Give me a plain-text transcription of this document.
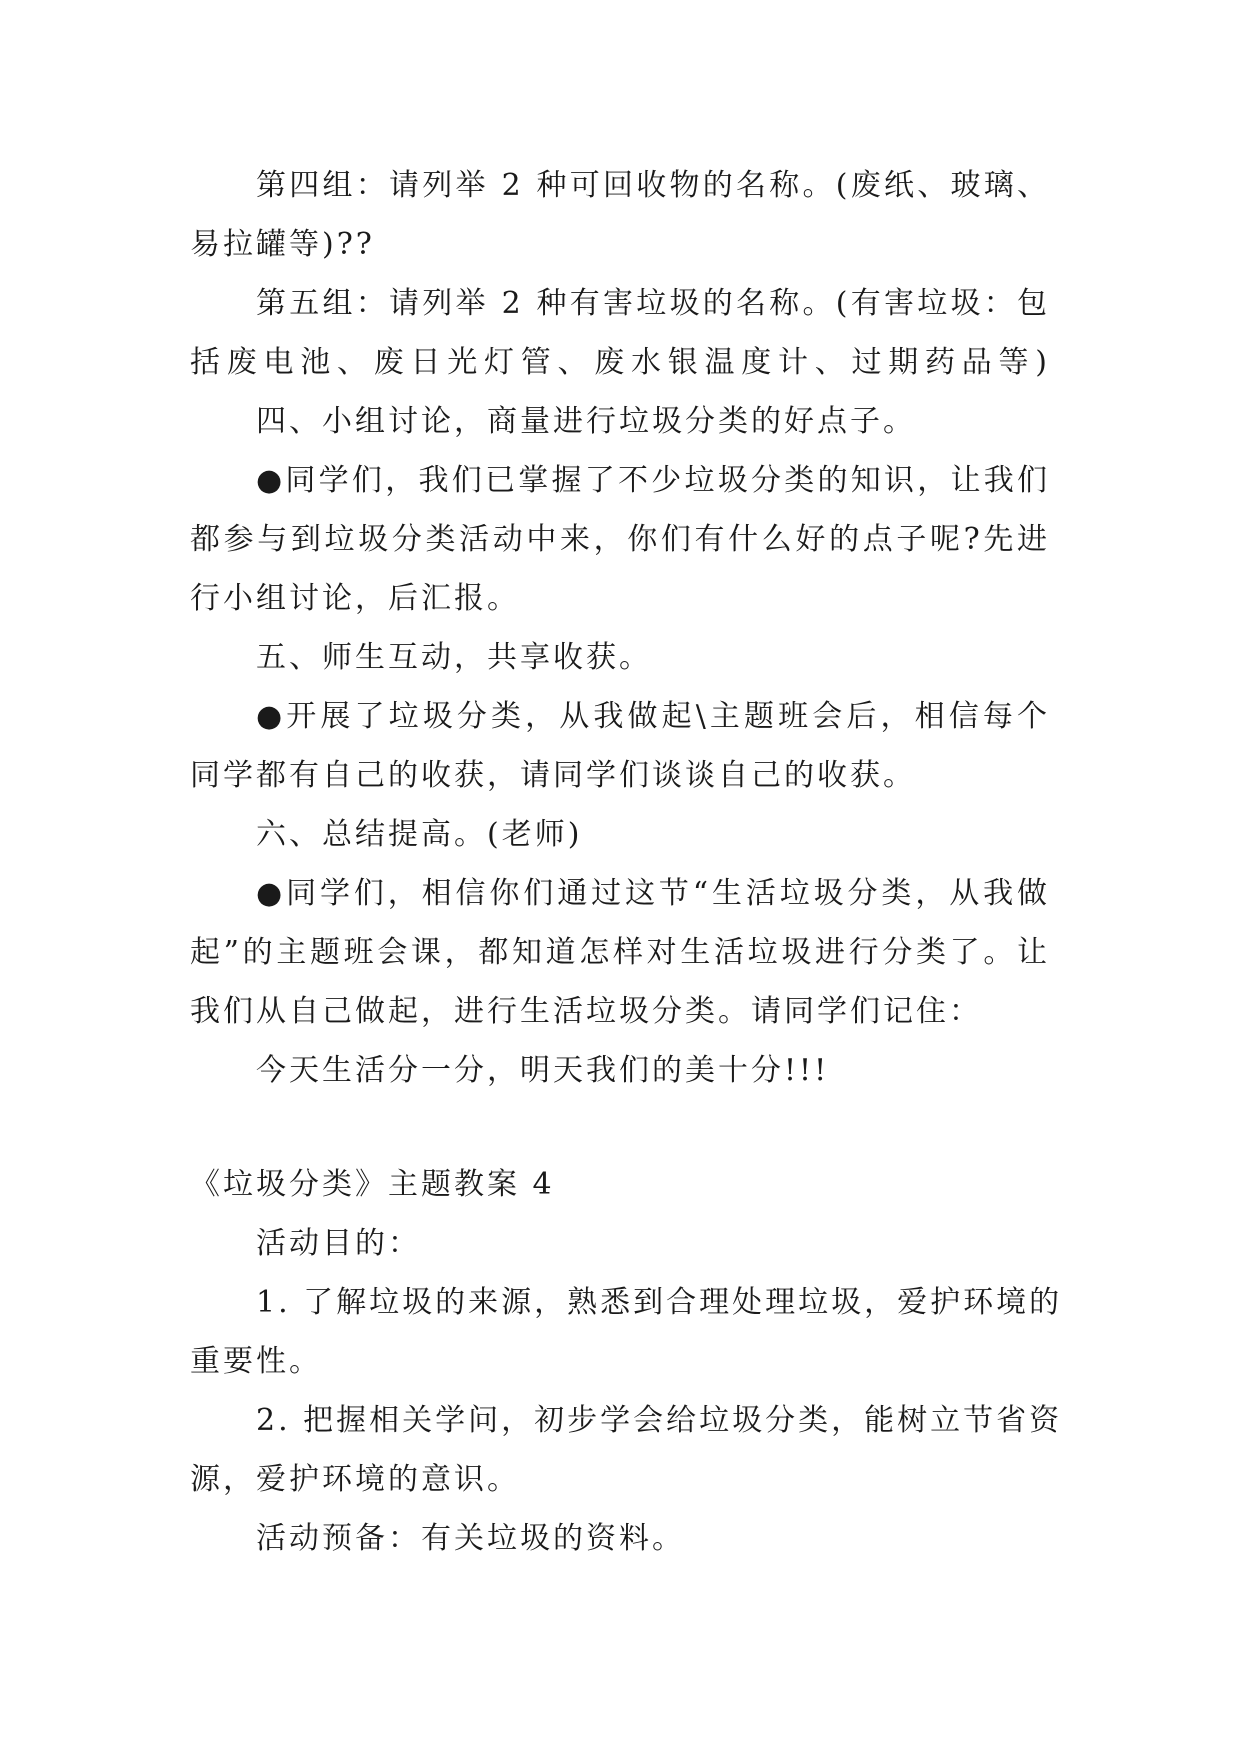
第四组：请列举 2 种可回收物的名称。(废纸、玻璃、
易拉罐等)??
第五组：请列举 2 种有害垃圾的名称。(有害垃圾：包
括废电池、废日光灯管、废水银温度计、过期药品等)
四、小组讨论，商量进行垃圾分类的好点子。
●同学们，我们已掌握了不少垃圾分类的知识，让我们
都参与到垃圾分类活动中来，你们有什么好的点子呢?先进
行小组讨论，后汇报。
五、师生互动，共享收获。
●开展了垃圾分类，从我做起\主题班会后，相信每个
同学都有自己的收获，请同学们谈谈自己的收获。
六、总结提高。(老师)
●同学们，相信你们通过这节“生活垃圾分类，从我做
起”的主题班会课，都知道怎样对生活垃圾进行分类了。让
我们从自己做起，进行生活垃圾分类。请同学们记住：
今天生活分一分，明天我们的美十分!!!
《垃圾分类》主题教案 4
活动目的：
1. 了解垃圾的来源，熟悉到合理处理垃圾，爱护环境的
重要性。
2. 把握相关学问，初步学会给垃圾分类，能树立节省资
源，爱护环境的意识。
活动预备：有关垃圾的资料。
